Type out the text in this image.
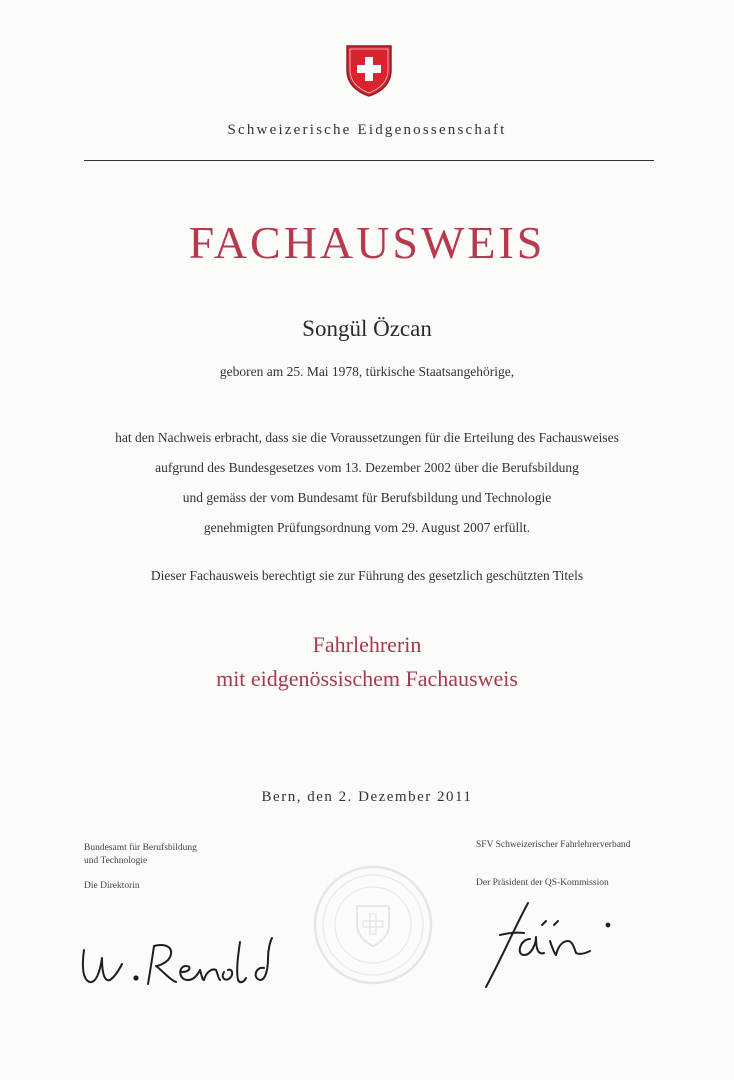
Schweizerische Eidgenossenschaft
FACHAUSWEIS
Songül Özcan
geboren am 25. Mai 1978, türkische Staatsangehörige,
hat den Nachweis erbracht, dass sie die Voraussetzungen für die Erteilung des Fachausweises
aufgrund des Bundesgesetzes vom 13. Dezember 2002 über die Berufsbildung
und gemäss der vom Bundesamt für Berufsbildung und Technologie
genehmigten Prüfungsordnung vom 29. August 2007 erfüllt.
Dieser Fachausweis berechtigt sie zur Führung des gesetzlich geschützten Titels
Fahrlehrerin
mit eidgenössischem Fachausweis
Bern, den 2. Dezember 2011
Bundesamt für Berufsbildung
und Technologie
Die Direktorin
SFV Schweizerischer Fahrlehrerverband
Der Präsident der QS-Kommission
